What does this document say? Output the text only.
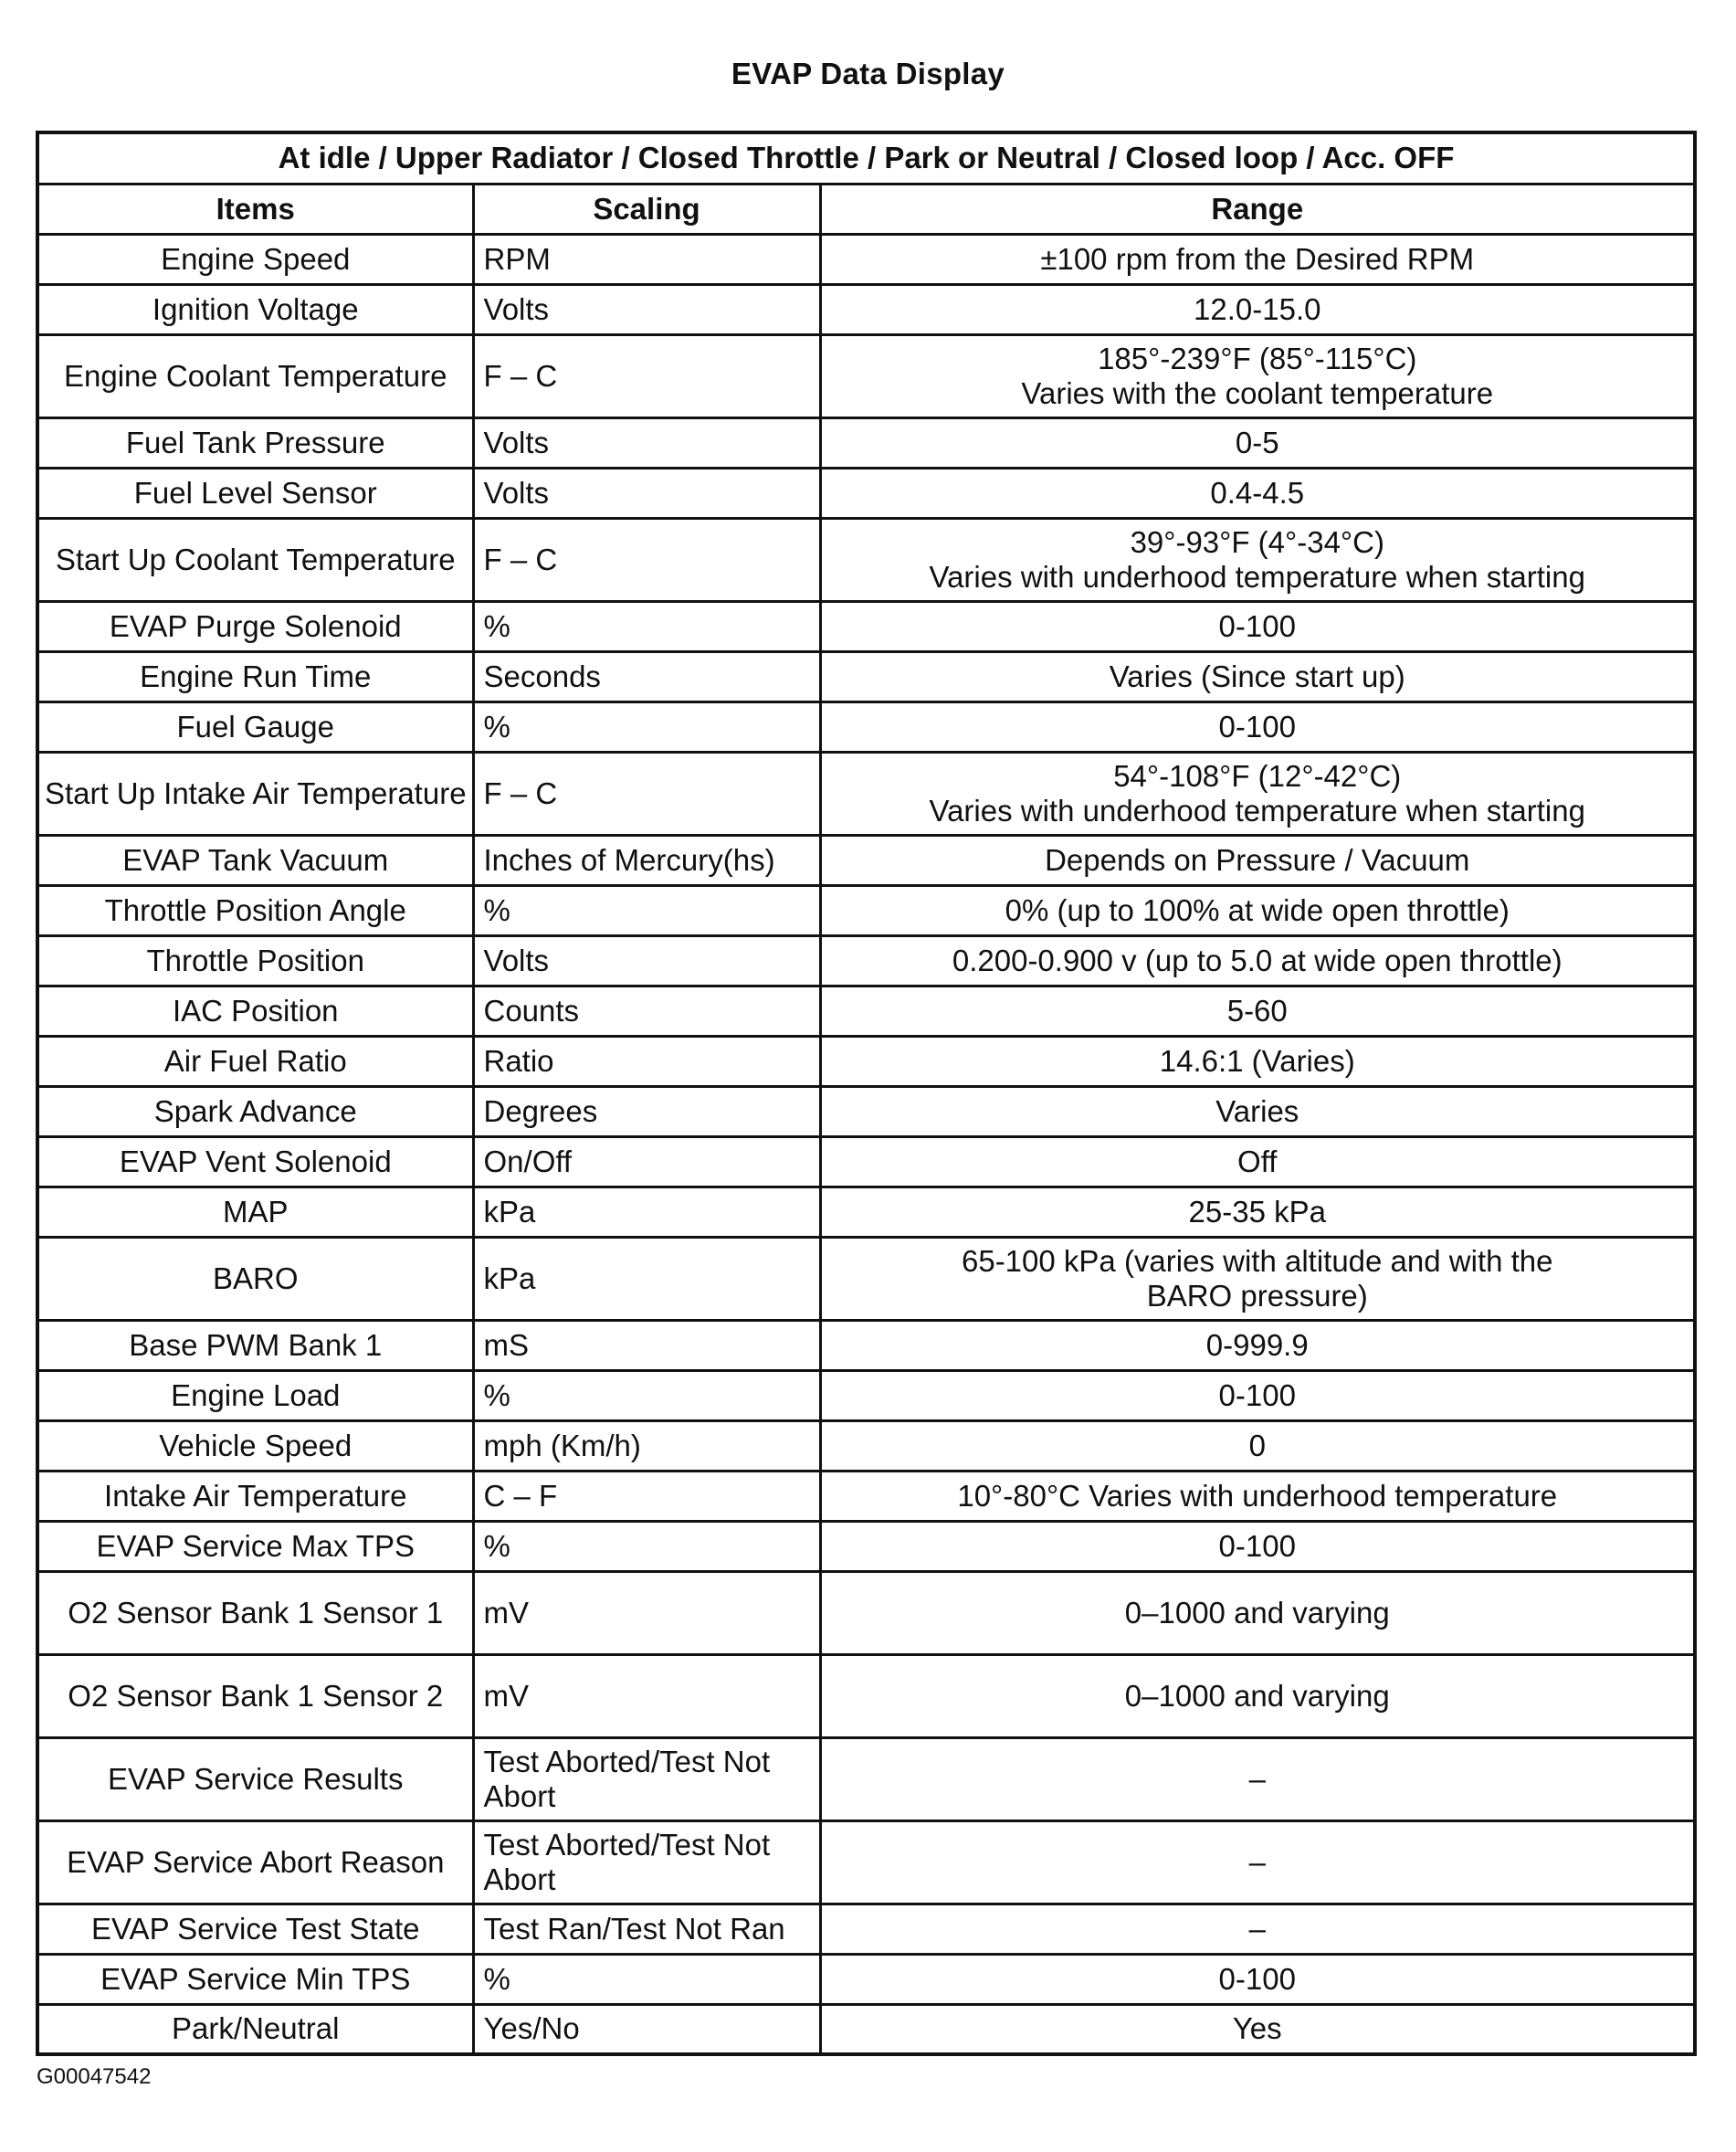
EVAP Data Display
At idle / Upper Radiator / Closed Throttle / Park or Neutral / Closed loop / Acc. OFF		
Items	Scaling	Range
Engine Speed	RPM	±100 rpm from the Desired RPM

Ignition Voltage	Volts	12.0-15.0

Engine Coolant Temperature	F – C	185°-239°F (85°-115°C)
Varies with the coolant temperature

Fuel Tank Pressure	Volts	0-5

Fuel Level Sensor	Volts	0.4-4.5

Start Up Coolant Temperature	F – C	39°-93°F (4°-34°C)
Varies with underhood temperature when starting

EVAP Purge Solenoid	%	0-100

Engine Run Time	Seconds	Varies (Since start up)

Fuel Gauge	%	0-100

Start Up Intake Air Temperature	F – C	54°-108°F (12°-42°C)
Varies with underhood temperature when starting

EVAP Tank Vacuum	Inches of Mercury(hs)	Depends on Pressure / Vacuum

Throttle Position Angle	%	0% (up to 100% at wide open throttle)

Throttle Position	Volts	0.200-0.900 v (up to 5.0 at wide open throttle)

IAC Position	Counts	5-60

Air Fuel Ratio	Ratio	14.6:1 (Varies)

Spark Advance	Degrees	Varies

EVAP Vent Solenoid	On/Off	Off

MAP	kPa	25-35 kPa

BARO	kPa	65-100 kPa (varies with altitude and with the
BARO pressure)

Base PWM Bank 1	mS	0-999.9

Engine Load	%	0-100

Vehicle Speed	mph (Km/h)	0

Intake Air Temperature	C – F	10°-80°C Varies with underhood temperature

EVAP Service Max TPS	%	0-100

O2 Sensor Bank 1 Sensor 1	mV	0–1000 and varying

O2 Sensor Bank 1 Sensor 2	mV	0–1000 and varying

EVAP Service Results	Test Aborted/Test Not Abort	–

EVAP Service Abort Reason	Test Aborted/Test Not Abort	–

EVAP Service Test State	Test Ran/Test Not Ran	–

EVAP Service Min TPS	%	0-100

Park/Neutral	Yes/No	Yes
G00047542
